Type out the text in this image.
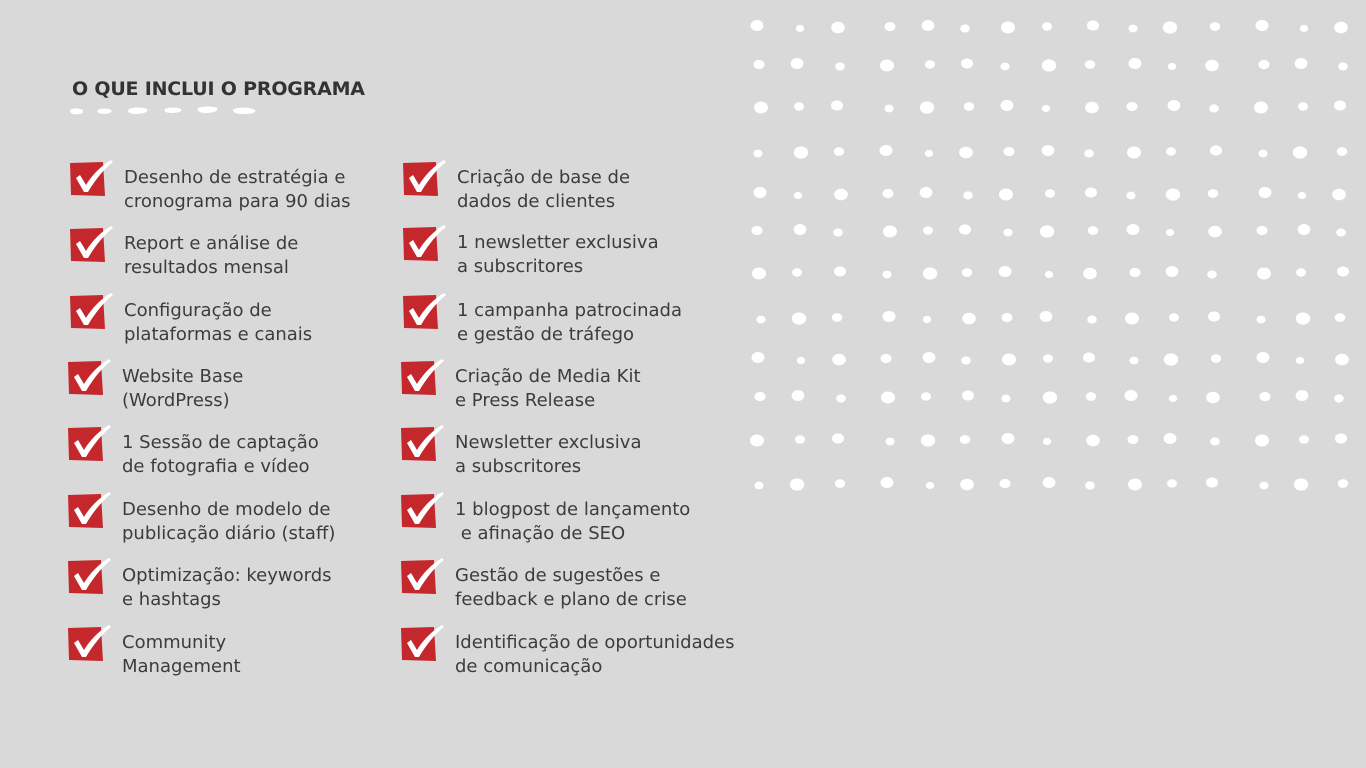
O QUE INCLUI O PROGRAMA
Desenho de estratégia e
cronograma para 90 dias
Report e análise de
resultados mensal
Configuração de
plataformas e canais
Website Base
(WordPress)
1 Sessão de captação
de fotografia e vídeo
Desenho de modelo de
publicação diário (staff)
Optimização: keywords
e hashtags
Community
Management
Criação de base de
dados de clientes
1 newsletter exclusiva
a subscritores
1 campanha patrocinada
e gestão de tráfego
Criação de Media Kit
e Press Release
Newsletter exclusiva
a subscritores
1 blogpost de lançamento
e afinação de SEO
Gestão de sugestões e
feedback e plano de crise
Identificação de oportunidades
de comunicação
